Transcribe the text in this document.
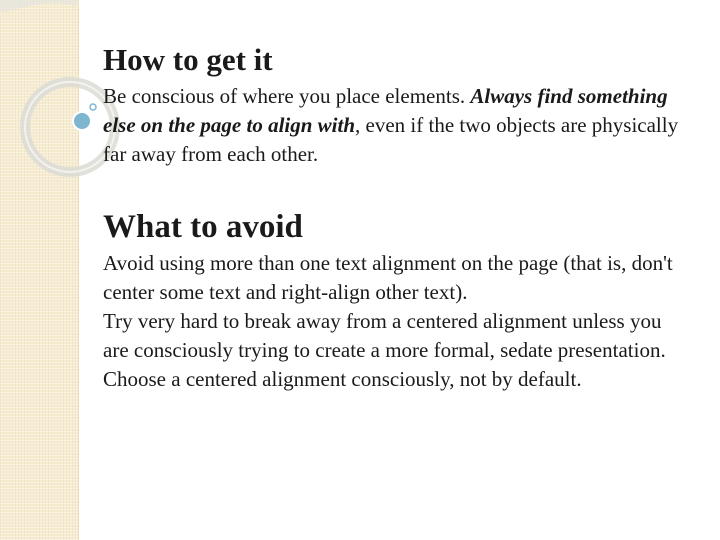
How to get it

Be conscious of where you place elements. Always find something else on the page to align with, even if the two objects are physically far away from each other.

What to avoid

Avoid using more than one text alignment on the page (that is, don't center some text and right-align other text).

Try very hard to break away from a centered alignment unless you are consciously trying to create a more formal, sedate presentation. Choose a centered alignment consciously, not by default.
